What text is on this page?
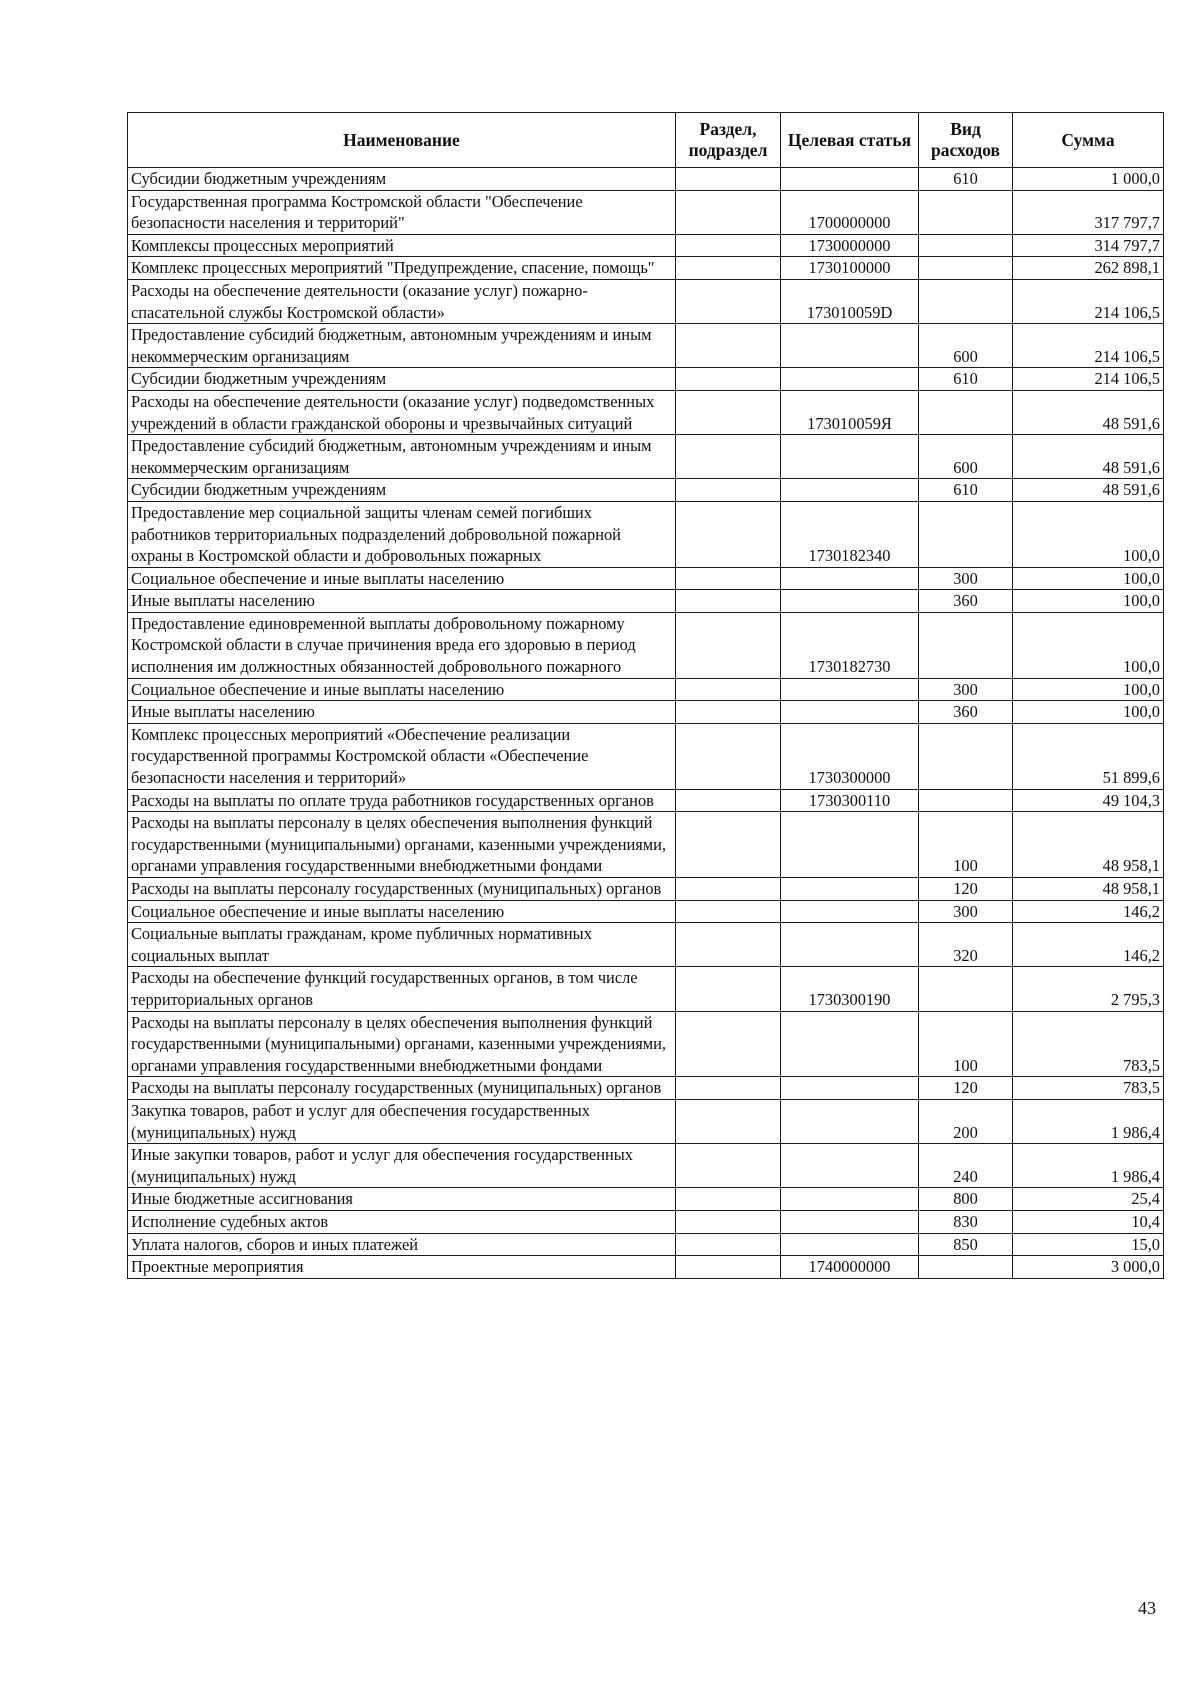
Наименование	Раздел, подраздел	Целевая статья	Вид расходов	Сумма
Субсидии бюджетным учреждениям			610	1 000,0
Государственная программа Костромской области "Обеспечение безопасности населения и территорий"		1700000000		317 797,7
Комплексы процессных мероприятий		1730000000		314 797,7
Комплекс процессных мероприятий "Предупреждение, спасение, помощь"		1730100000		262 898,1
Расходы на обеспечение деятельности (оказание услуг) пожарно-спасательной службы Костромской области»		173010059D		214 106,5
Предоставление субсидий бюджетным, автономным учреждениям и иным некоммерческим организациям			600	214 106,5
Субсидии бюджетным учреждениям			610	214 106,5
Расходы на обеспечение деятельности (оказание услуг) подведомственных учреждений в области гражданской обороны и чрезвычайных ситуаций		173010059Я		48 591,6
Предоставление субсидий бюджетным, автономным учреждениям и иным некоммерческим организациям			600	48 591,6
Субсидии бюджетным учреждениям			610	48 591,6
Предоставление мер социальной защиты членам семей погибших работников территориальных подразделений добровольной пожарной охраны в Костромской области и добровольных пожарных		1730182340		100,0
Социальное обеспечение и иные выплаты населению			300	100,0
Иные выплаты населению			360	100,0
Предоставление единовременной выплаты добровольному пожарному Костромской области в случае причинения вреда его здоровью в период исполнения им должностных обязанностей добровольного пожарного		1730182730		100,0
Социальное обеспечение и иные выплаты населению			300	100,0
Иные выплаты населению			360	100,0
Комплекс процессных мероприятий «Обеспечение реализации государственной программы Костромской области «Обеспечение безопасности населения и территорий»		1730300000		51 899,6
Расходы на выплаты по оплате труда работников государственных органов		1730300110		49 104,3
Расходы на выплаты персоналу в целях обеспечения выполнения функций государственными (муниципальными) органами, казенными учреждениями, органами управления государственными внебюджетными фондами			100	48 958,1
Расходы на выплаты персоналу государственных (муниципальных) органов			120	48 958,1
Социальное обеспечение и иные выплаты населению			300	146,2
Социальные выплаты гражданам, кроме публичных нормативных социальных выплат			320	146,2
Расходы на обеспечение функций государственных органов, в том числе территориальных органов		1730300190		2 795,3
Расходы на выплаты персоналу в целях обеспечения выполнения функций государственными (муниципальными) органами, казенными учреждениями, органами управления государственными внебюджетными фондами			100	783,5
Расходы на выплаты персоналу государственных (муниципальных) органов			120	783,5
Закупка товаров, работ и услуг для обеспечения государственных (муниципальных) нужд			200	1 986,4
Иные закупки товаров, работ и услуг для обеспечения государственных (муниципальных) нужд			240	1 986,4
Иные бюджетные ассигнования			800	25,4
Исполнение судебных актов			830	10,4
Уплата налогов, сборов и иных платежей			850	15,0
Проектные мероприятия		1740000000		3 000,0
43
